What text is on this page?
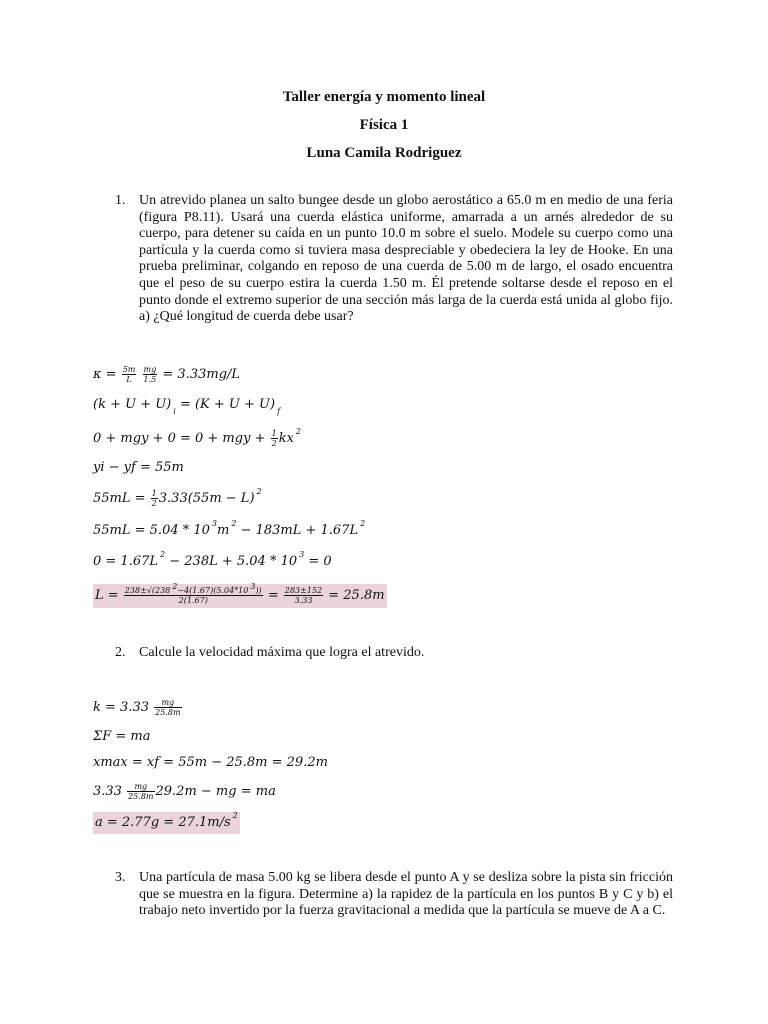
Taller energía y momento lineal
Física 1
Luna Camila Rodriguez
1. Un atrevido planea un salto bungee desde un globo aerostático a 65.0 m en medio de una feria (figura P8.11). Usará una cuerda elástica uniforme, amarrada a un arnés alrededor de su cuerpo, para detener su caída en un punto 10.0 m sobre el suelo. Modele su cuerpo como una partícula y la cuerda como si tuviera masa despreciable y obedeciera la ley de Hooke. En una prueba preliminar, colgando en reposo de una cuerda de 5.00 m de largo, el osado encuentra que el peso de su cuerpo estira la cuerda 1.50 m. Él pretende soltarse desde el reposo en el punto donde el extremo superior de una sección más larga de la cuerda está unida al globo fijo. a) ¿Qué longitud de cuerda debe usar?
$\kappa = \frac{5m}{L}$
$\frac{mg}{1.5} = 3.33mg/L$
(k + U + U) $_i$ = (K + U + U) $_f$
0 + mgy + 0 = 0 + mgy + $\frac{1}{2}$ kx $^2$
yi − yf = 55m
$55mL = \frac{1}{2} 3.33(55m - L)$ $^2$
55mL = 5.04 * 10 $^3$m $^2$ − 183mL + 1.67L $^2$
0 = 1.67L $^2$ − 238L + 5.04 * 10 $^3$ = 0
$L = \frac{238\pm√(238 2-4(1.67)(5.04*10 3))}{2(1.67)} = \frac{283\pm 152}{3.33} = 25.8m$
2. Calcule la velocidad máxima que logra el atrevido.
$k = 3.33 \frac{mg}{25.8m}$
ΣF = ma
xmax = xf = 55m − 25.8m = 29.2m
$3.33 \frac{mg}{25.8m} 29.2m$ − mg = ma
a = 2.77g = 27.1m/s $^2$
3. Una partícula de masa 5.00 kg se libera desde el punto A y se desliza sobre la pista sin fricción que se muestra en la figura. Determine a) la rapidez de la partícula en los puntos B y C y b) el trabajo neto invertido por la fuerza gravitacional a medida que la partícula se mueve de A a C.
